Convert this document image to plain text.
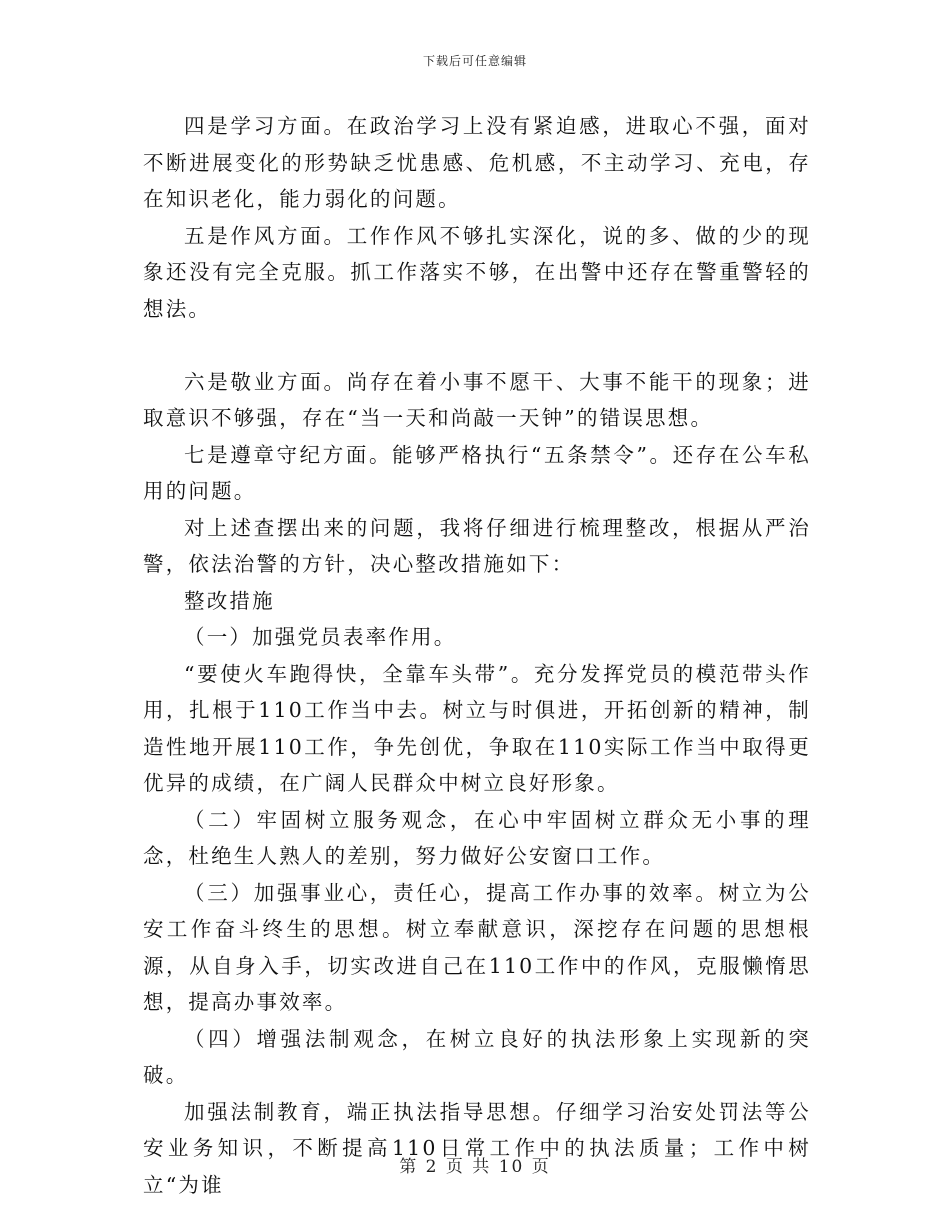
下载后可任意编辑

四是学习方面。在政治学习上没有紧迫感，进取心不强，面对不断进展变化的形势缺乏忧患感、危机感，不主动学习、充电，存在知识老化，能力弱化的问题。

五是作风方面。工作作风不够扎实深化，说的多、做的少的现象还没有完全克服。抓工作落实不够，在出警中还存在警重警轻的想法。

六是敬业方面。尚存在着小事不愿干、大事不能干的现象；进取意识不够强，存在“当一天和尚敲一天钟”的错误思想。

七是遵章守纪方面。能够严格执行“五条禁令”。还存在公车私用的问题。

对上述查摆出来的问题，我将仔细进行梳理整改，根据从严治警，依法治警的方针，决心整改措施如下：

整改措施

（一）加强党员表率作用。

“要使火车跑得快，全靠车头带”。充分发挥党员的模范带头作用，扎根于110工作当中去。树立与时俱进，开拓创新的精神，制造性地开展110工作，争先创优，争取在110实际工作当中取得更优异的成绩，在广阔人民群众中树立良好形象。

（二）牢固树立服务观念，在心中牢固树立群众无小事的理念，杜绝生人熟人的差别，努力做好公安窗口工作。

（三）加强事业心，责任心，提高工作办事的效率。树立为公安工作奋斗终生的思想。树立奉献意识，深挖存在问题的思想根源，从自身入手，切实改进自己在110工作中的作风，克服懒惰思想，提高办事效率。

（四）增强法制观念，在树立良好的执法形象上实现新的突破。

加强法制教育，端正执法指导思想。仔细学习治安处罚法等公安业务知识，不断提高110日常工作中的执法质量；工作中树立“为谁

第 2 页 共 10 页
